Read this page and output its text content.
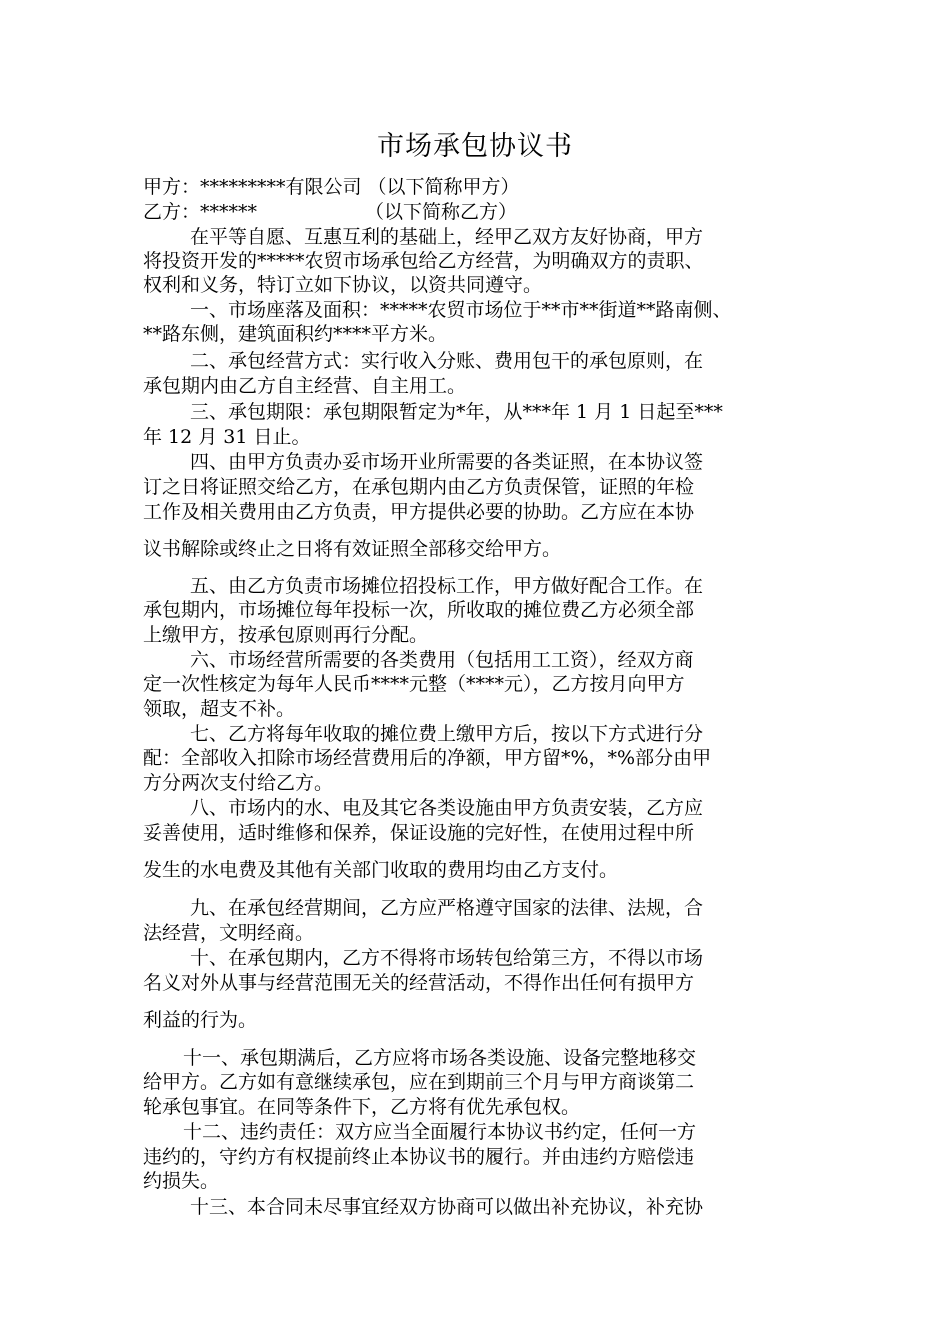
市场承包协议书
甲方：*********有限公司 （以下简称甲方）
乙方：******	（以下简称乙方）
在平等自愿、互惠互利的基础上，经甲乙双方友好协商，甲方
将投资开发的*****农贸市场承包给乙方经营，为明确双方的责职、
权利和义务，特订立如下协议，以资共同遵守。
一、市场座落及面积：*****农贸市场位于**市**街道**路南侧、
**路东侧，建筑面积约****平方米。
二、承包经营方式：实行收入分账、费用包干的承包原则，在
承包期内由乙方自主经营、自主用工。
三、承包期限：承包期限暂定为*年，从***年 1 月 1 日起至***
年 12 月 31 日止。
四、由甲方负责办妥市场开业所需要的各类证照，在本协议签
订之日将证照交给乙方，在承包期内由乙方负责保管，证照的年检
工作及相关费用由乙方负责，甲方提供必要的协助。乙方应在本协
议书解除或终止之日将有效证照全部移交给甲方。
五、由乙方负责市场摊位招投标工作，甲方做好配合工作。在
承包期内，市场摊位每年投标一次，所收取的摊位费乙方必须全部
上缴甲方，按承包原则再行分配。
六、市场经营所需要的各类费用（包括用工工资），经双方商
定一次性核定为每年人民币****元整（****元），乙方按月向甲方
领取，超支不补。
七、乙方将每年收取的摊位费上缴甲方后，按以下方式进行分
配：全部收入扣除市场经营费用后的净额，甲方留*%，*%部分由甲
方分两次支付给乙方。
八、市场内的水、电及其它各类设施由甲方负责安装，乙方应
妥善使用，适时维修和保养，保证设施的完好性，在使用过程中所
发生的水电费及其他有关部门收取的费用均由乙方支付。
九、在承包经营期间，乙方应严格遵守国家的法律、法规，合
法经营，文明经商。
十、在承包期内，乙方不得将市场转包给第三方，不得以市场
名义对外从事与经营范围无关的经营活动，不得作出任何有损甲方
利益的行为。
十一、承包期满后，乙方应将市场各类设施、设备完整地移交
给甲方。乙方如有意继续承包，应在到期前三个月与甲方商谈第二
轮承包事宜。在同等条件下，乙方将有优先承包权。
十二、违约责任：双方应当全面履行本协议书约定，任何一方
违约的，守约方有权提前终止本协议书的履行。并由违约方赔偿违
约损失。
十三、本合同未尽事宜经双方协商可以做出补充协议，补充协
